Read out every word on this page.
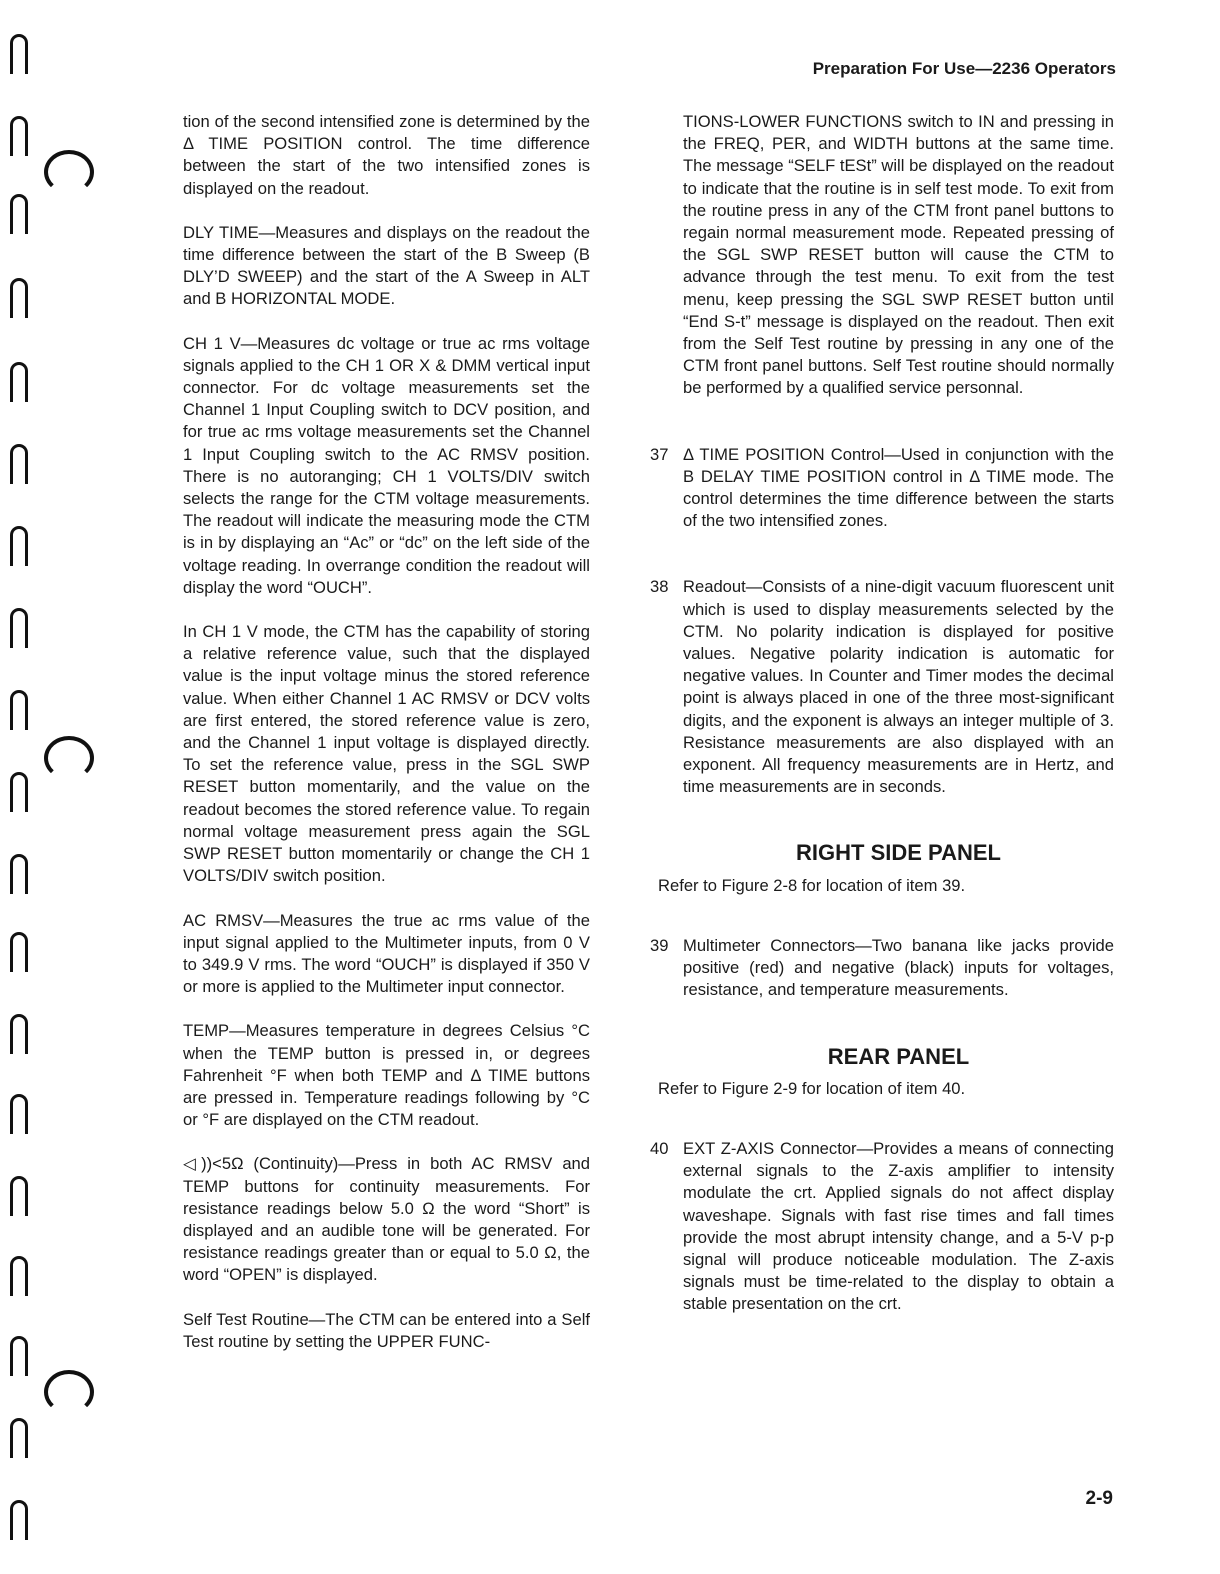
Preparation For Use—2236 Operators

tion of the second intensified zone is determined by the Δ TIME POSITION control. The time difference between the start of the two intensified zones is displayed on the readout.

DLY TIME—Measures and displays on the readout the time difference between the start of the B Sweep (B DLY’D SWEEP) and the start of the A Sweep in ALT and B HORIZONTAL MODE.

CH 1 V—Measures dc voltage or true ac rms voltage signals applied to the CH 1 OR X & DMM vertical input connector. For dc voltage measurements set the Channel 1 Input Coupling switch to DCV position, and for true ac rms voltage measurements set the Channel 1 Input Coupling switch to the AC RMSV position. There is no autoranging; CH 1 VOLTS/DIV switch selects the range for the CTM voltage measurements. The readout will indicate the measuring mode the CTM is in by displaying an “Ac” or “dc” on the left side of the voltage reading. In overrange condition the readout will display the word “OUCH”.

In CH 1 V mode, the CTM has the capability of storing a relative reference value, such that the displayed value is the input voltage minus the stored reference value. When either Channel 1 AC RMSV or DCV volts are first entered, the stored reference value is zero, and the Channel 1 input voltage is displayed directly. To set the reference value, press in the SGL SWP RESET button momentarily, and the value on the readout becomes the stored reference value. To regain normal voltage measurement press again the SGL SWP RESET button momentarily or change the CH 1 VOLTS/DIV switch position.

AC RMSV—Measures the true ac rms value of the input signal applied to the Multimeter inputs, from 0 V to 349.9 V rms. The word “OUCH” is displayed if 350 V or more is applied to the Multimeter input connector.

TEMP—Measures temperature in degrees Celsius °C when the TEMP button is pressed in, or degrees Fahrenheit °F when both TEMP and Δ TIME buttons are pressed in. Temperature readings following by °C or °F are displayed on the CTM readout.

◁))<5Ω (Continuity)—Press in both AC RMSV and TEMP buttons for continuity measurements. For resistance readings below 5.0 Ω the word “Short” is displayed and an audible tone will be generated. For resistance readings greater than or equal to 5.0 Ω, the word “OPEN” is displayed.

Self Test Routine—The CTM can be entered into a Self Test routine by setting the UPPER FUNC-

TIONS-LOWER FUNCTIONS switch to IN and pressing in the FREQ, PER, and WIDTH buttons at the same time. The message “SELF tESt” will be displayed on the readout to indicate that the routine is in self test mode. To exit from the routine press in any of the CTM front panel buttons to regain normal measurement mode. Repeated pressing of the SGL SWP RESET button will cause the CTM to advance through the test menu. To exit from the test menu, keep pressing the SGL SWP RESET button until “End S-t” message is displayed on the readout. Then exit from the Self Test routine by pressing in any one of the CTM front panel buttons. Self Test routine should normally be performed by a qualified service personnal.

37 Δ TIME POSITION Control—Used in conjunction with the B DELAY TIME POSITION control in Δ TIME mode. The control determines the time difference between the starts of the two intensified zones.
38 Readout—Consists of a nine-digit vacuum fluorescent unit which is used to display measurements selected by the CTM. No polarity indication is displayed for positive values. Negative polarity indication is automatic for negative values. In Counter and Timer modes the decimal point is always placed in one of the three most-significant digits, and the exponent is always an integer multiple of 3. Resistance measurements are also displayed with an exponent. All frequency measurements are in Hertz, and time measurements are in seconds.
RIGHT SIDE PANEL

Refer to Figure 2-8 for location of item 39.

39 Multimeter Connectors—Two banana like jacks provide positive (red) and negative (black) inputs for voltages, resistance, and temperature measurements.
REAR PANEL

Refer to Figure 2-9 for location of item 40.

40 EXT Z-AXIS Connector—Provides a means of connecting external signals to the Z-axis amplifier to intensity modulate the crt. Applied signals do not affect display waveshape. Signals with fast rise times and fall times provide the most abrupt intensity change, and a 5-V p-p signal will produce noticeable modulation. The Z-axis signals must be time-related to the display to obtain a stable presentation on the crt.
2-9
